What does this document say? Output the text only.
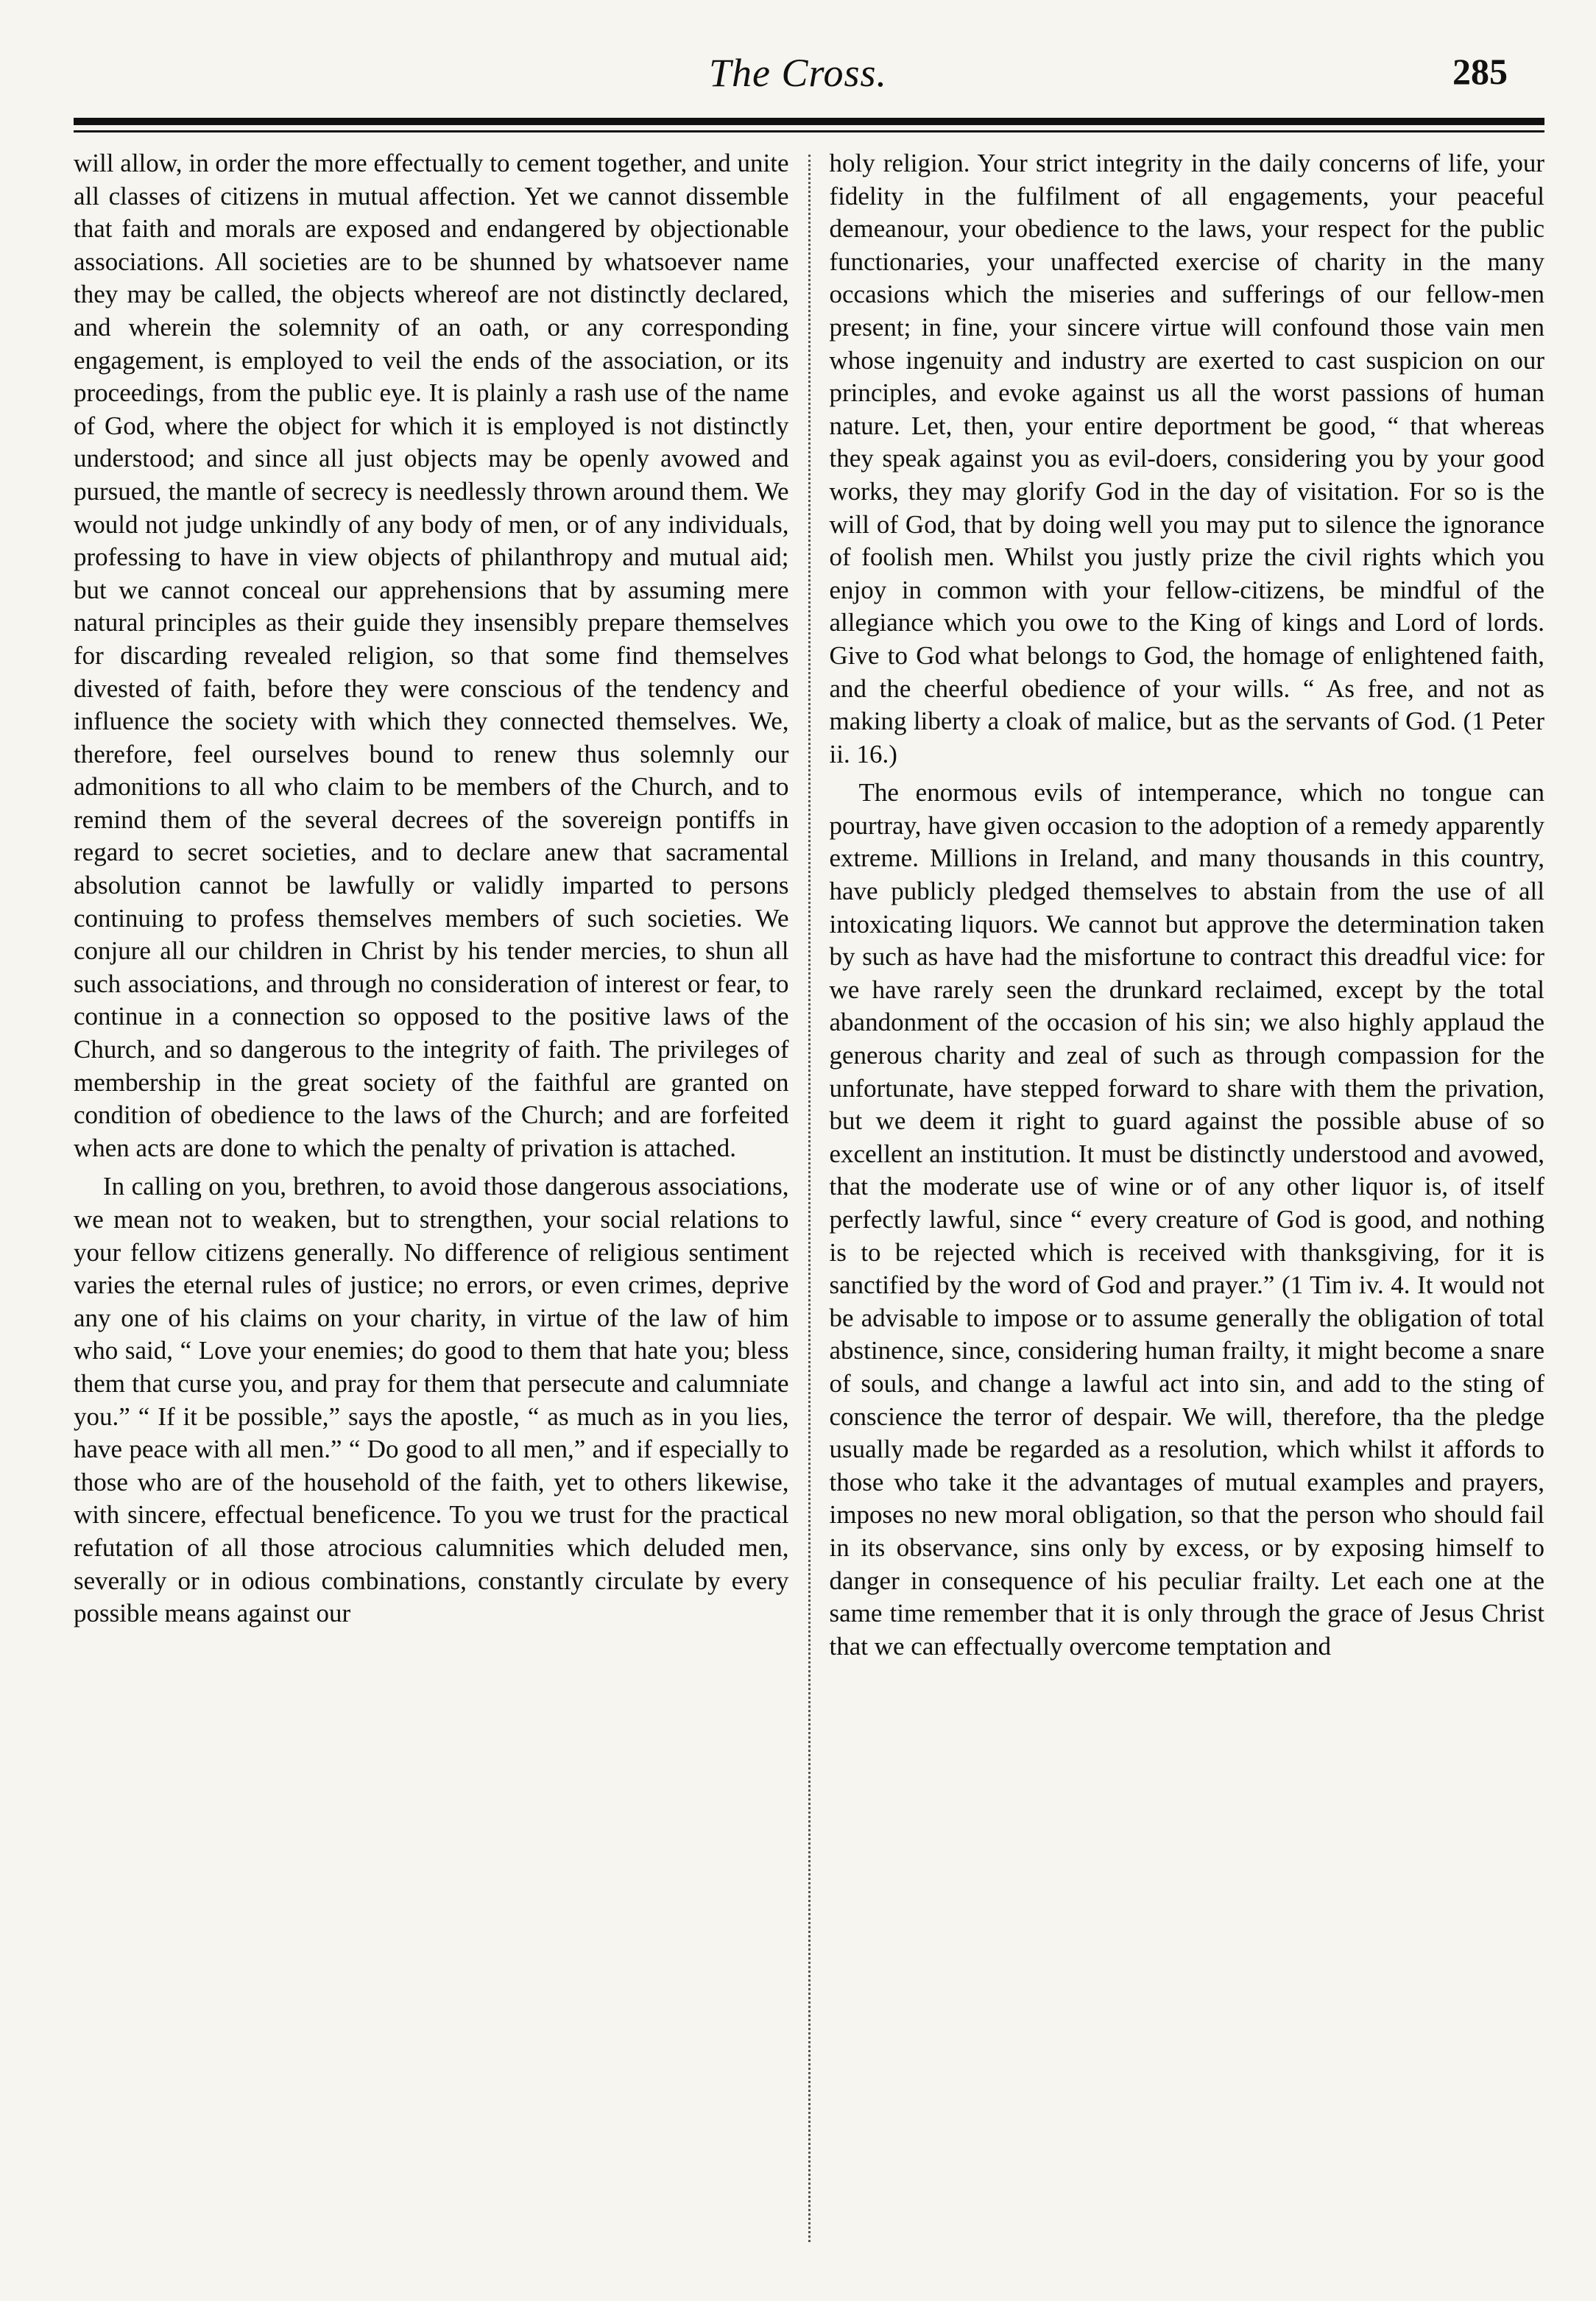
The Cross.	285

will allow, in order the more effectually to cement together, and unite all classes of citizens in mutual affection. Yet we cannot dissemble that faith and morals are exposed and endangered by objectionable associations. All societies are to be shunned by whatsoever name they may be called, the objects whereof are not distinctly declared, and wherein the solemnity of an oath, or any corresponding engagement, is employed to veil the ends of the association, or its proceedings, from the public eye. It is plainly a rash use of the name of God, where the object for which it is employed is not distinctly understood; and since all just objects may be openly avowed and pursued, the mantle of secrecy is needlessly thrown around them. We would not judge unkindly of any body of men, or of any individuals, professing to have in view objects of philanthropy and mutual aid; but we cannot conceal our apprehensions that by assuming mere natural principles as their guide they insensibly prepare themselves for discarding revealed religion, so that some find themselves divested of faith, before they were conscious of the tendency and influence the society with which they connected themselves. We, therefore, feel ourselves bound to renew thus solemnly our admonitions to all who claim to be members of the Church, and to remind them of the several decrees of the sovereign pontiffs in regard to secret societies, and to declare anew that sacramental absolution cannot be lawfully or validly imparted to persons continuing to profess themselves members of such societies. We conjure all our children in Christ by his tender mercies, to shun all such associations, and through no consideration of interest or fear, to continue in a connection so opposed to the positive laws of the Church, and so dangerous to the integrity of faith. The privileges of membership in the great society of the faithful are granted on condition of obedience to the laws of the Church; and are forfeited when acts are done to which the penalty of privation is attached.

In calling on you, brethren, to avoid those dangerous associations, we mean not to weaken, but to strengthen, your social relations to your fellow citizens generally. No difference of religious sentiment varies the eternal rules of justice; no errors, or even crimes, deprive any one of his claims on your charity, in virtue of the law of him who said, “ Love your enemies; do good to them that hate you; bless them that curse you, and pray for them that persecute and calumniate you.” “ If it be possible,” says the apostle, “ as much as in you lies, have peace with all men.” “ Do good to all men,” and if especially to those who are of the household of the faith, yet to others likewise, with sincere, effectual beneficence. To you we trust for the practical refutation of all those atrocious calumnities which deluded men, severally or in odious combinations, constantly circulate by every possible means against our

holy religion. Your strict integrity in the daily concerns of life, your fidelity in the fulfilment of all engagements, your peaceful demeanour, your obedience to the laws, your respect for the public functionaries, your unaffected exercise of charity in the many occasions which the miseries and sufferings of our fellow-men present; in fine, your sincere virtue will confound those vain men whose ingenuity and industry are exerted to cast suspicion on our principles, and evoke against us all the worst passions of human nature. Let, then, your entire deportment be good, “ that whereas they speak against you as evil-doers, considering you by your good works, they may glorify God in the day of visitation. For so is the will of God, that by doing well you may put to silence the ignorance of foolish men. Whilst you justly prize the civil rights which you enjoy in common with your fellow-citizens, be mindful of the allegiance which you owe to the King of kings and Lord of lords. Give to God what belongs to God, the homage of enlightened faith, and the cheerful obedience of your wills. “ As free, and not as making liberty a cloak of malice, but as the servants of God. (1 Peter ii. 16.)

The enormous evils of intemperance, which no tongue can pourtray, have given occasion to the adoption of a remedy apparently extreme. Millions in Ireland, and many thousands in this country, have publicly pledged themselves to abstain from the use of all intoxicating liquors. We cannot but approve the determination taken by such as have had the misfortune to contract this dreadful vice: for we have rarely seen the drunkard reclaimed, except by the total abandonment of the occasion of his sin; we also highly applaud the generous charity and zeal of such as through compassion for the unfortunate, have stepped forward to share with them the privation, but we deem it right to guard against the possible abuse of so excellent an institution. It must be distinctly understood and avowed, that the moderate use of wine or of any other liquor is, of itself perfectly lawful, since “ every creature of God is good, and nothing is to be rejected which is received with thanksgiving, for it is sanctified by the word of God and prayer.” (1 Tim iv. 4. It would not be advisable to impose or to assume generally the obligation of total abstinence, since, considering human frailty, it might become a snare of souls, and change a lawful act into sin, and add to the sting of conscience the terror of despair. We will, therefore, tha the pledge usually made be regarded as a resolution, which whilst it affords to those who take it the advantages of mutual examples and prayers, imposes no new moral obligation, so that the person who should fail in its observance, sins only by excess, or by exposing himself to danger in consequence of his peculiar frailty. Let each one at the same time remember that it is only through the grace of Jesus Christ that we can effectually overcome temptation and
